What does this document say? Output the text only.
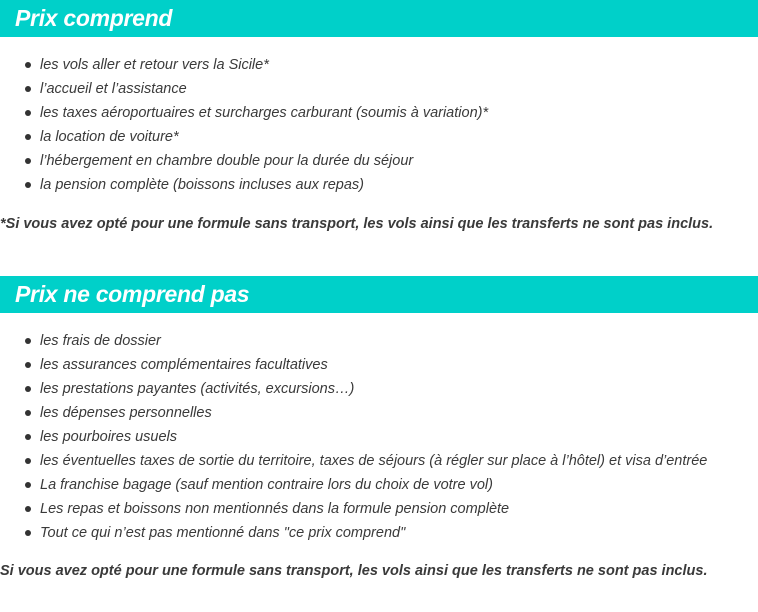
Prix comprend
les vols aller et retour vers la Sicile*
l’accueil et l’assistance
les taxes aéroportuaires et surcharges carburant (soumis à variation)*
la location de voiture*
l’hébergement en chambre double pour la durée du séjour
la pension complète (boissons incluses aux repas)

*Si vous avez opté pour une formule sans transport, les vols ainsi que les transferts ne sont pas inclus.

Prix ne comprend pas
les frais de dossier
les assurances complémentaires facultatives
les prestations payantes (activités, excursions…)
les dépenses personnelles
les pourboires usuels
les éventuelles taxes de sortie du territoire, taxes de séjours (à régler sur place à l’hôtel) et visa d’entrée
La franchise bagage (sauf mention contraire lors du choix de votre vol)
Les repas et boissons non mentionnés dans la formule pension complète
Tout ce qui n’est pas mentionné dans "ce prix comprend"

Si vous avez opté pour une formule sans transport, les vols ainsi que les transferts ne sont pas inclus.
